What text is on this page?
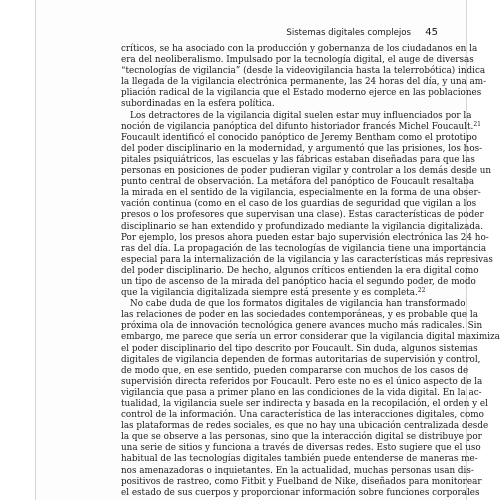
Sistemas digitales complejos 45
críticos, se ha asociado con la producción y gobernanza de los ciudadanos en la
era del neoliberalismo. Impulsado por la tecnología digital, el auge de diversas
“tecnologías de vigilancia” (desde la videovigilancia hasta la telerrobótica) indica
la llegada de la vigilancia electrónica permanente, las 24 horas del día, y una am-
pliación radical de la vigilancia que el Estado moderno ejerce en las poblaciones
subordinadas en la esfera política.
Los detractores de la vigilancia digital suelen estar muy influenciados por la
noción de vigilancia panóptica del difunto historiador francés Michel Foucault.$^{21}$
Foucault identificó el conocido panóptico de Jeremy Bentham como el prototipo
del poder disciplinario en la modernidad, y argumentó que las prisiones, los hos-
pitales psiquiátricos, las escuelas y las fábricas estaban diseñadas para que las
personas en posiciones de poder pudieran vigilar y controlar a los demás desde un
punto central de observación. La metáfora del panóptico de Foucault resaltaba
la mirada en el sentido de la vigilancia, especialmente en la forma de una obser-
vación continua (como en el caso de los guardias de seguridad que vigilan a los
presos o los profesores que supervisan una clase). Estas características de poder
disciplinario se han extendido y profundizado mediante la vigilancia digitalizada.
Por ejemplo, los presos ahora pueden estar bajo supervisión electrónica las 24 ho-
ras del día. La propagación de las tecnologías de vigilancia tiene una importancia
especial para la internalización de la vigilancia y las características más represivas
del poder disciplinario. De hecho, algunos críticos entienden la era digital como
un tipo de ascenso de la mirada del panóptico hacia el segundo poder, de modo
que la vigilancia digitalizada siempre está presente y es completa.$^{22}$
No cabe duda de que los formatos digitales de vigilancia han transformado
las relaciones de poder en las sociedades contemporáneas, y es probable que la
próxima ola de innovación tecnológica genere avances mucho más radicales. Sin
embargo, me parece que sería un error considerar que la vigilancia digital maximiza
el poder disciplinario del tipo descrito por Foucault. Sin duda, algunos sistemas
digitales de vigilancia dependen de formas autoritarias de supervisión y control,
de modo que, en ese sentido, pueden compararse con muchos de los casos de
supervisión directa referidos por Foucault. Pero este no es el único aspecto de la
vigilancia que pasa a primer plano en las condiciones de la vida digital. En la ac-
tualidad, la vigilancia suele ser indirecta y basada en la recopilación, el orden y el
control de la información. Una característica de las interacciones digitales, como
las plataformas de redes sociales, es que no hay una ubicación centralizada desde
la que se observe a las personas, sino que la interacción digital se distribuye por
una serie de sitios y funciona a través de diversas redes. Esto sugiere que el uso
habitual de las tecnologías digitales también puede entenderse de maneras me-
nos amenazadoras o inquietantes. En la actualidad, muchas personas usan dis-
positivos de rastreo, como Fitbit y Fuelband de Nike, diseñados para monitorear
el estado de sus cuerpos y proporcionar información sobre funciones corporales
